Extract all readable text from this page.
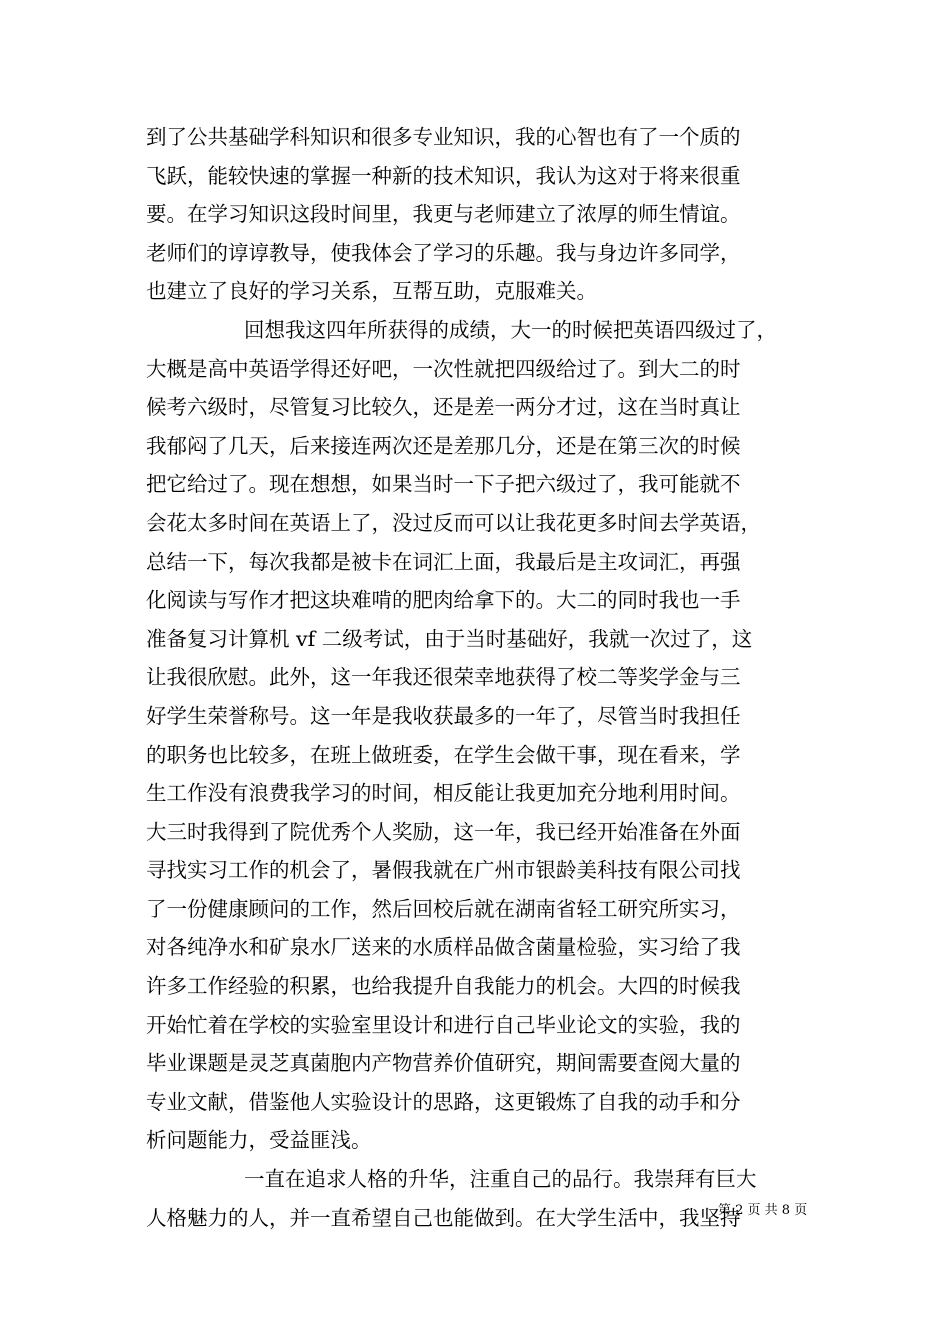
到了公共基础学科知识和很多专业知识，我的心智也有了一个质的
飞跃，能较快速的掌握一种新的技术知识，我认为这对于将来很重
要。在学习知识这段时间里，我更与老师建立了浓厚的师生情谊。
老师们的谆谆教导，使我体会了学习的乐趣。我与身边许多同学，
也建立了良好的学习关系，互帮互助，克服难关。
回想我这四年所获得的成绩，大一的时候把英语四级过了，
大概是高中英语学得还好吧，一次性就把四级给过了。到大二的时
候考六级时，尽管复习比较久，还是差一两分才过，这在当时真让
我郁闷了几天，后来接连两次还是差那几分，还是在第三次的时候
把它给过了。现在想想，如果当时一下子把六级过了，我可能就不
会花太多时间在英语上了，没过反而可以让我花更多时间去学英语，
总结一下，每次我都是被卡在词汇上面，我最后是主攻词汇，再强
化阅读与写作才把这块难啃的肥肉给拿下的。大二的同时我也一手
准备复习计算机 vf 二级考试，由于当时基础好，我就一次过了，这
让我很欣慰。此外，这一年我还很荣幸地获得了校二等奖学金与三
好学生荣誉称号。这一年是我收获最多的一年了，尽管当时我担任
的职务也比较多，在班上做班委，在学生会做干事，现在看来，学
生工作没有浪费我学习的时间，相反能让我更加充分地利用时间。
大三时我得到了院优秀个人奖励，这一年，我已经开始准备在外面
寻找实习工作的机会了，暑假我就在广州市银龄美科技有限公司找
了一份健康顾问的工作，然后回校后就在湖南省轻工研究所实习，
对各纯净水和矿泉水厂送来的水质样品做含菌量检验，实习给了我
许多工作经验的积累，也给我提升自我能力的机会。大四的时候我
开始忙着在学校的实验室里设计和进行自己毕业论文的实验，我的
毕业课题是灵芝真菌胞内产物营养价值研究，期间需要查阅大量的
专业文献，借鉴他人实验设计的思路，这更锻炼了自我的动手和分
析问题能力，受益匪浅。
一直在追求人格的升华，注重自己的品行。我崇拜有巨大
人格魅力的人，并一直希望自己也能做到。在大学生活中，我坚持
第 2 页 共 8 页
